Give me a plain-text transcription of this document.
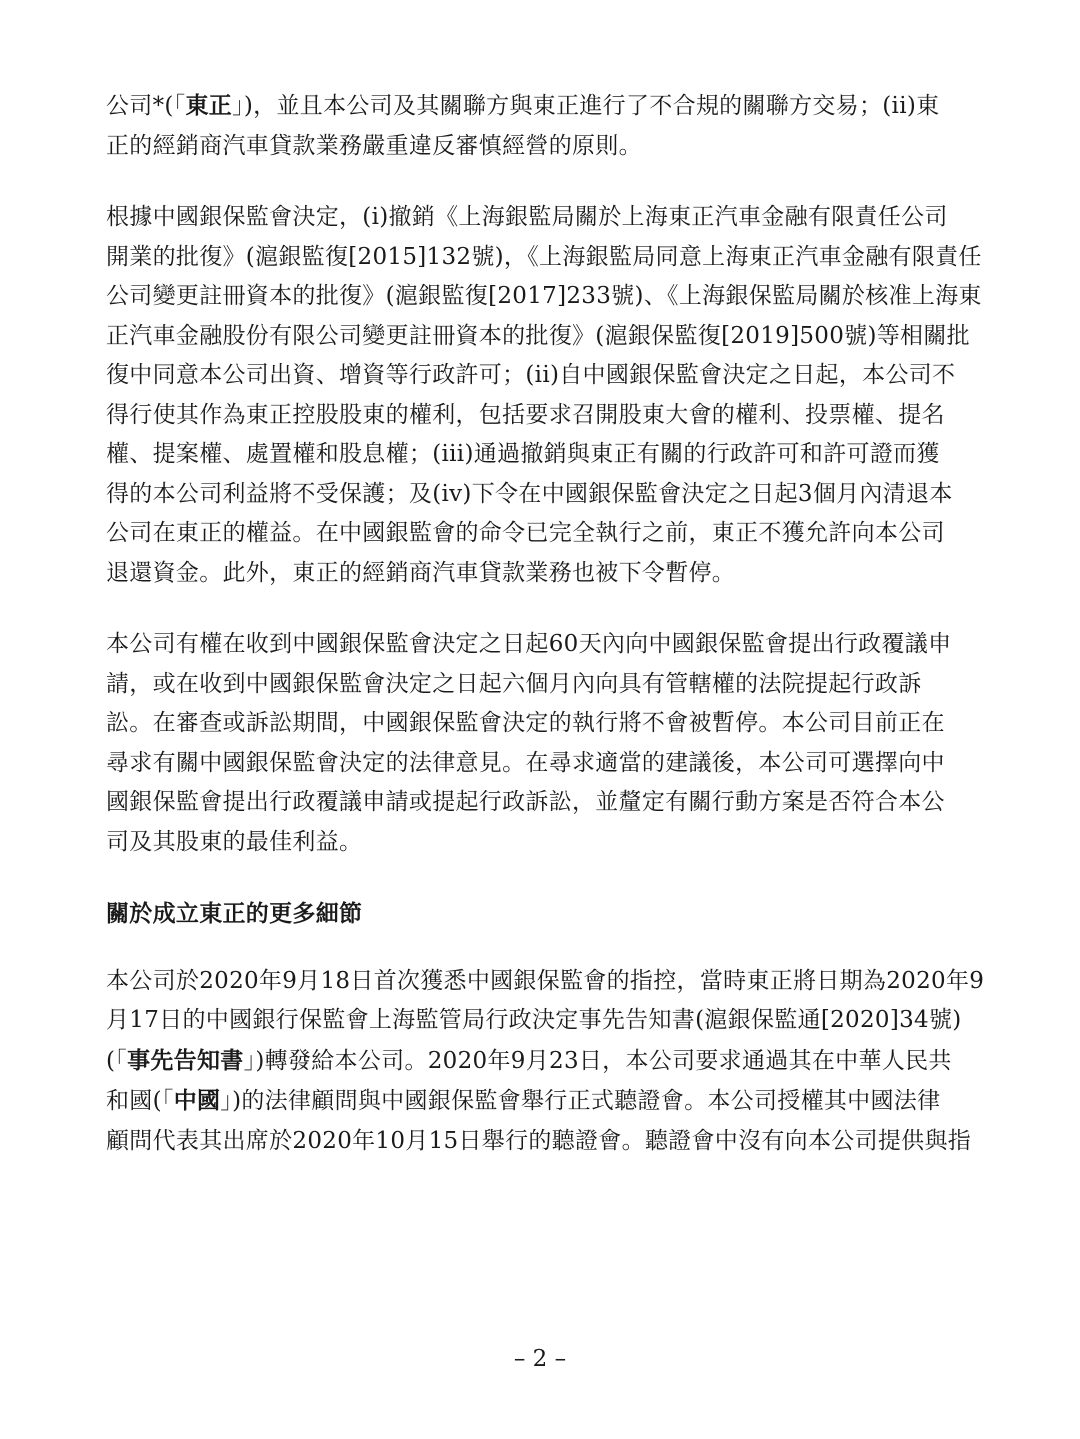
公司*(「東正」)，並且本公司及其關聯方與東正進行了不合規的關聯方交易；(ii)東
正的經銷商汽車貸款業務嚴重違反審慎經營的原則。

根據中國銀保監會決定，(i)撤銷《上海銀監局關於上海東正汽車金融有限責任公司
開業的批復》(滬銀監復[2015]132號)，《上海銀監局同意上海東正汽車金融有限責任
公司變更註冊資本的批復》(滬銀監復[2017]233號)、《上海銀保監局關於核准上海東
正汽車金融股份有限公司變更註冊資本的批復》(滬銀保監復[2019]500號)等相關批
復中同意本公司出資、增資等行政許可；(ii)自中國銀保監會決定之日起，本公司不
得行使其作為東正控股股東的權利，包括要求召開股東大會的權利、投票權、提名
權、提案權、處置權和股息權；(iii)通過撤銷與東正有關的行政許可和許可證而獲
得的本公司利益將不受保護；及(iv)下令在中國銀保監會決定之日起3個月內清退本
公司在東正的權益。在中國銀監會的命令已完全執行之前，東正不獲允許向本公司
退還資金。此外，東正的經銷商汽車貸款業務也被下令暫停。

本公司有權在收到中國銀保監會決定之日起60天內向中國銀保監會提出行政覆議申
請，或在收到中國銀保監會決定之日起六個月內向具有管轄權的法院提起行政訴
訟。在審查或訴訟期間，中國銀保監會決定的執行將不會被暫停。本公司目前正在
尋求有關中國銀保監會決定的法律意見。在尋求適當的建議後，本公司可選擇向中
國銀保監會提出行政覆議申請或提起行政訴訟，並釐定有關行動方案是否符合本公
司及其股東的最佳利益。

關於成立東正的更多細節

本公司於2020年9月18日首次獲悉中國銀保監會的指控，當時東正將日期為2020年9
月17日的中國銀行保監會上海監管局行政決定事先告知書(滬銀保監通[2020]34號)
(「事先告知書」)轉發給本公司。2020年9月23日，本公司要求通過其在中華人民共
和國(「中國」)的法律顧問與中國銀保監會舉行正式聽證會。本公司授權其中國法律
顧問代表其出席於2020年10月15日舉行的聽證會。聽證會中沒有向本公司提供與指

– 2 –
